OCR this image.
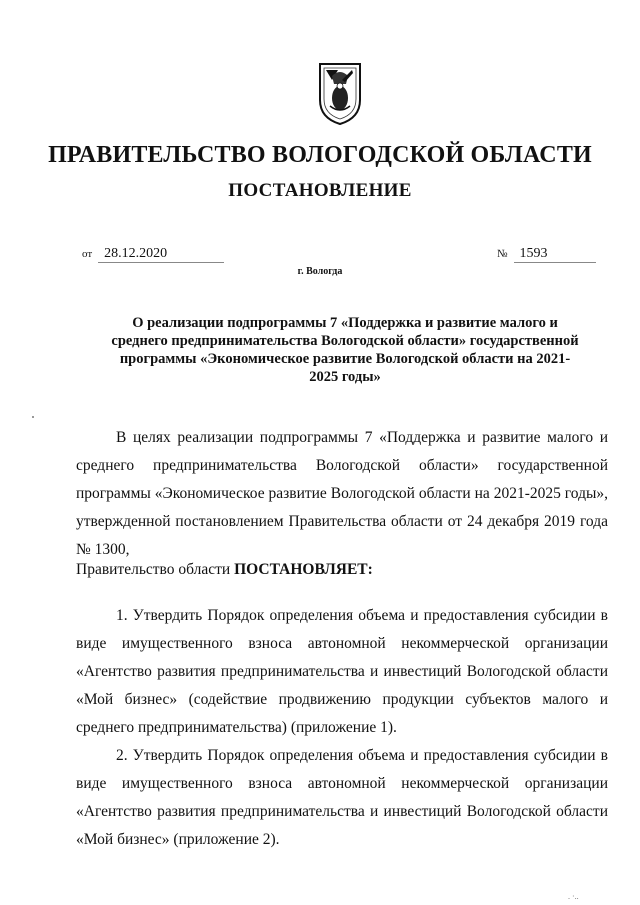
ПРАВИТЕЛЬСТВО ВОЛОГОДСКОЙ ОБЛАСТИ
ПОСТАНОВЛЕНИЕ
от 28.12.2020	№ 1593
г. Вологда
О реализации подпрограммы 7 «Поддержка и развитие малого и среднего предпринимательства Вологодской области» государственной программы «Экономическое развитие Вологодской области на 2021-2025 годы»
В целях реализации подпрограммы 7 «Поддержка и развитие малого и среднего предпринимательства Вологодской области» государственной программы «Экономическое развитие Вологодской области на 2021-2025 годы», утвержденной постановлением Правительства области от 24 декабря 2019 года № 1300,
Правительство области ПОСТАНОВЛЯЕТ:
1. Утвердить Порядок определения объема и предоставления субсидии в виде имущественного взноса автономной некоммерческой организации «Агентство развития предпринимательства и инвестиций Вологодской области «Мой бизнес» (содействие продвижению продукции субъектов малого и среднего предпринимательства) (приложение 1).
2. Утвердить Порядок определения объема и предоставления субсидии в виде имущественного взноса автономной некоммерческой организации «Агентство развития предпринимательства и инвестиций Вологодской области «Мой бизнес» (приложение 2).
. ·..
